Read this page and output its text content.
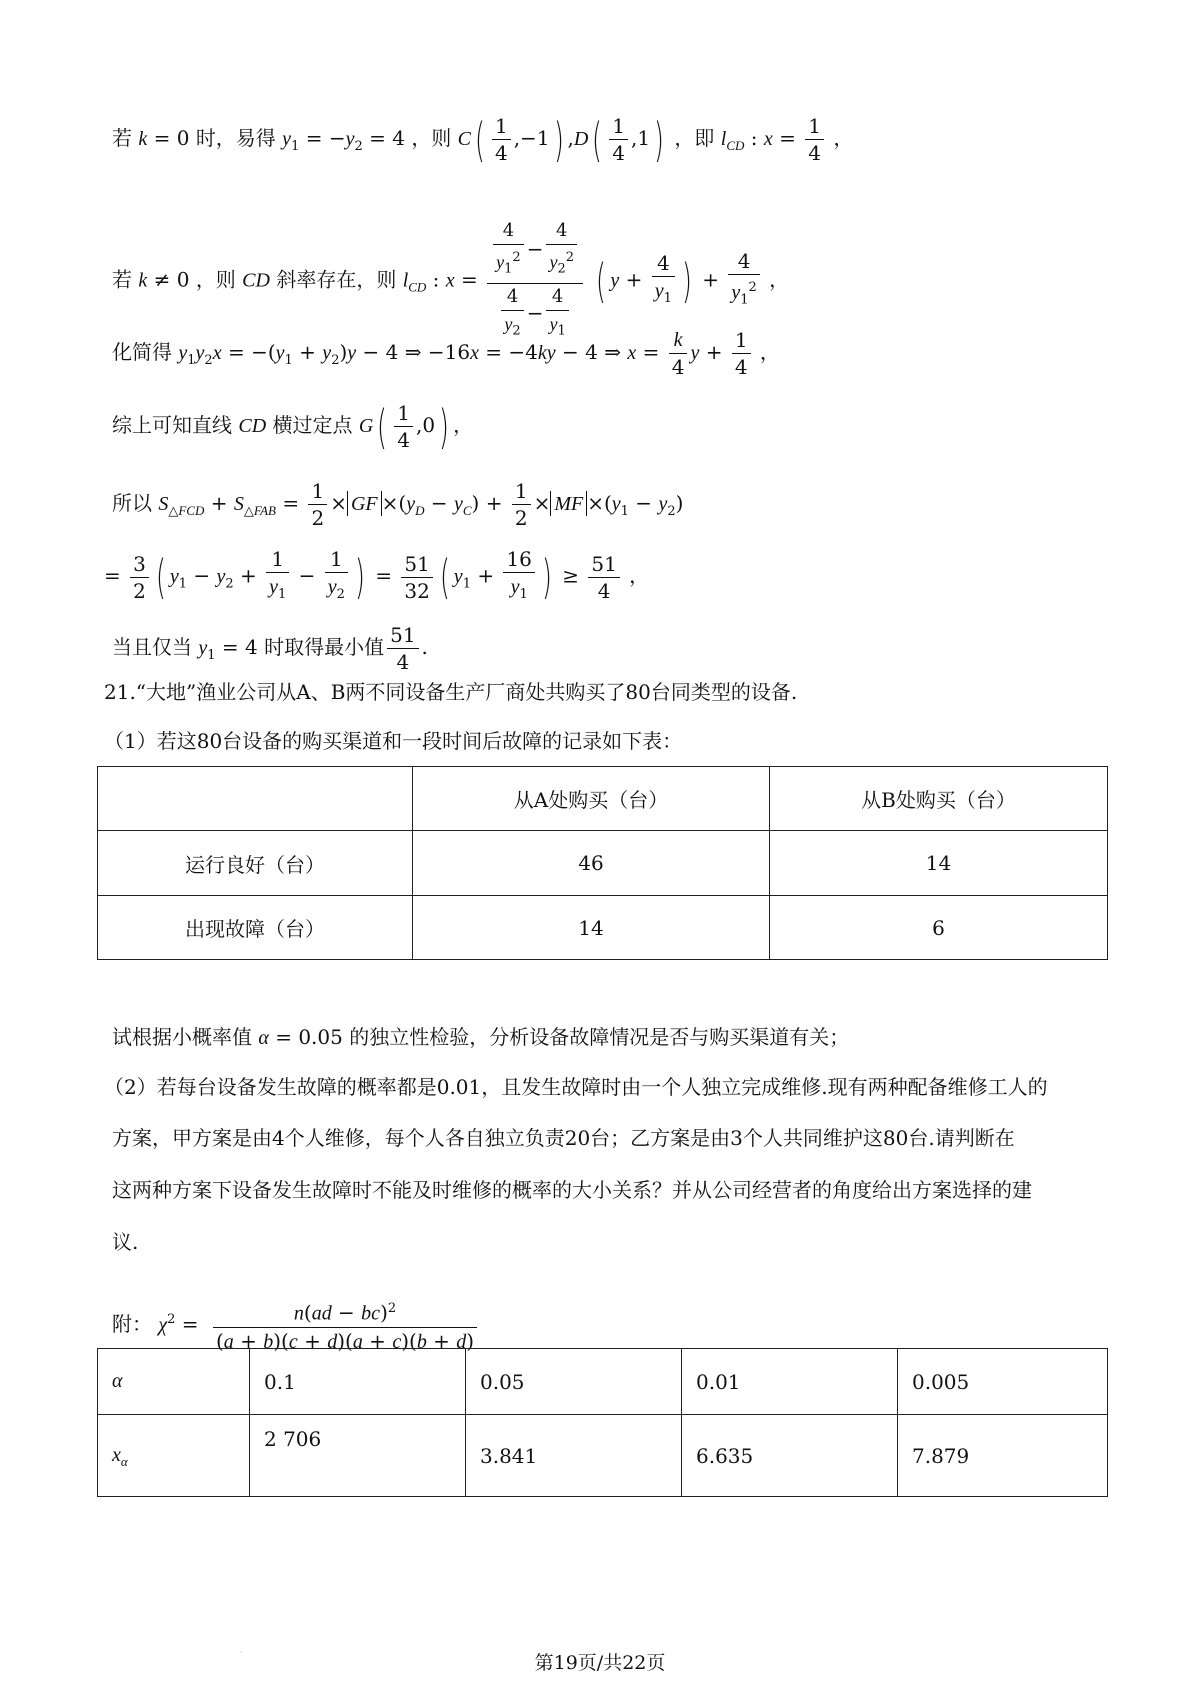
若 k = 0 时，易得 $y_1 = -y_2 = 4$ ，则 $C( \frac{1}{4} ,-1)$ $,D( \frac{1}{4} ,1)$ ，即 $l_{CD}$ : $x = \frac{1}{4}$ ，
若 k ≠ 0 ，则 CD 斜率存在，则 $l_{CD}$ : $x = \frac{\frac{4}{y_1^2} - \frac{4}{y_2^2}}{\frac{4}{y_2} - \frac{4}{y_1}}$ ( $y + \frac{4}{y_1}$ ) + $\frac{4}{y_1^2}$ ，
化简得 $y_1y_2x = -(y_1 + y_2)y - 4$ ⇒ −16x = −4ky − 4 ⇒ $x = \frac{k}{4}$ $y + \frac{1}{4}$ ，
综上可知直线 CD 横过定点 $G( \frac{1}{4} ,0)$ ，
所以 $S_{\triangle FCD} + S_{\triangle FAB} = \frac{1}{2}$ × GF $\times(y_D - y_C) + \frac{1}{2}$ × MF $\times(y_1 - y_2)$
= $\frac{3}{2}$ ( $y_1 - y_2 + \frac{1}{y_1} - \frac{1}{y_2}$ ) = $\frac{51}{32}$ ( $y_1 + \frac{16}{y_1}$ ) ≥ $\frac{51}{4}$ ，
当且仅当 $y_1 = 4$ 时取得最小值 $\frac{51}{4}$ .
21.“大地”渔业公司从A、B两不同设备生产厂商处共购买了80台同类型的设备.
（1）若这80台设备的购买渠道和一段时间后故障的记录如下表：
	从A处购买（台）	从B处购买（台）
运行良好（台）	46	14
出现故障（台）	14	6
试根据小概率值 α = 0.05 的独立性检验，分析设备故障情况是否与购买渠道有关；
（2）若每台设备发生故障的概率都是0.01，且发生故障时由一个人独立完成维修.现有两种配备维修工人的
方案，甲方案是由4个人维修，每个人各自独立负责20台；乙方案是由3个人共同维护这80台.请判断在
这两种方案下设备发生故障时不能及时维修的概率的大小关系？并从公司经营者的角度给出方案选择的建
议.
附： $\chi^2 = \frac{n(ad - bc)^2}{(a + b)(c + d)(a + c)(b + d)}$
α	0.1	0.05	0.01	0.005
$x_\alpha$	2 706	3.841	6.635	7.879
·	第19页/共22页
